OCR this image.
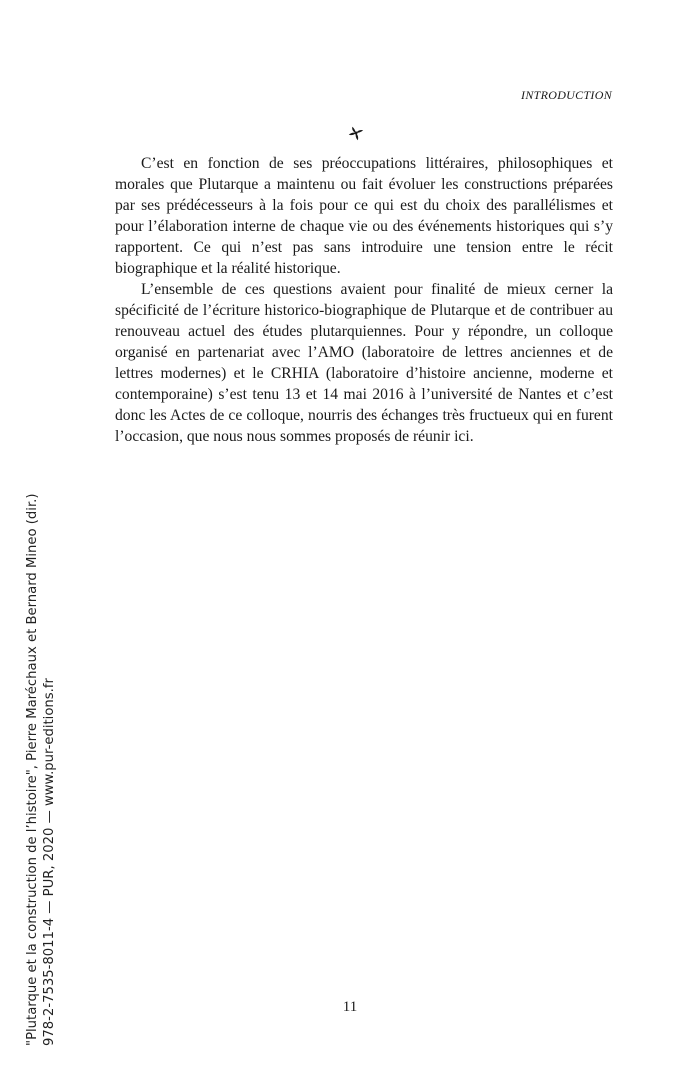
INTRODUCTION

C’est en fonction de ses préoccupations littéraires, philosophiques et morales que Plutarque a maintenu ou fait évoluer les constructions préparées par ses prédécesseurs à la fois pour ce qui est du choix des parallélismes et pour l’élaboration interne de chaque vie ou des événements historiques qui s’y rapportent. Ce qui n’est pas sans introduire une tension entre le récit biographique et la réalité historique.

L’ensemble de ces questions avaient pour finalité de mieux cerner la spécificité de l’écriture historico-biographique de Plutarque et de contribuer au renouveau actuel des études plutarquiennes. Pour y répondre, un colloque organisé en partenariat avec l’AMO (laboratoire de lettres anciennes et de lettres modernes) et le CRHIA (laboratoire d’histoire ancienne, moderne et contemporaine) s’est tenu 13 et 14 mai 2016 à l’université de Nantes et c’est donc les Actes de ce colloque, nourris des échanges très fructueux qui en furent l’occasion, que nous nous sommes proposés de réunir ici.

"Plutarque et la construction de l’histoire", Pierre Maréchaux et Bernard Mineo (dir.) 978-2-7535-8011-4 — PUR, 2020 — www.pur-editions.fr	11
